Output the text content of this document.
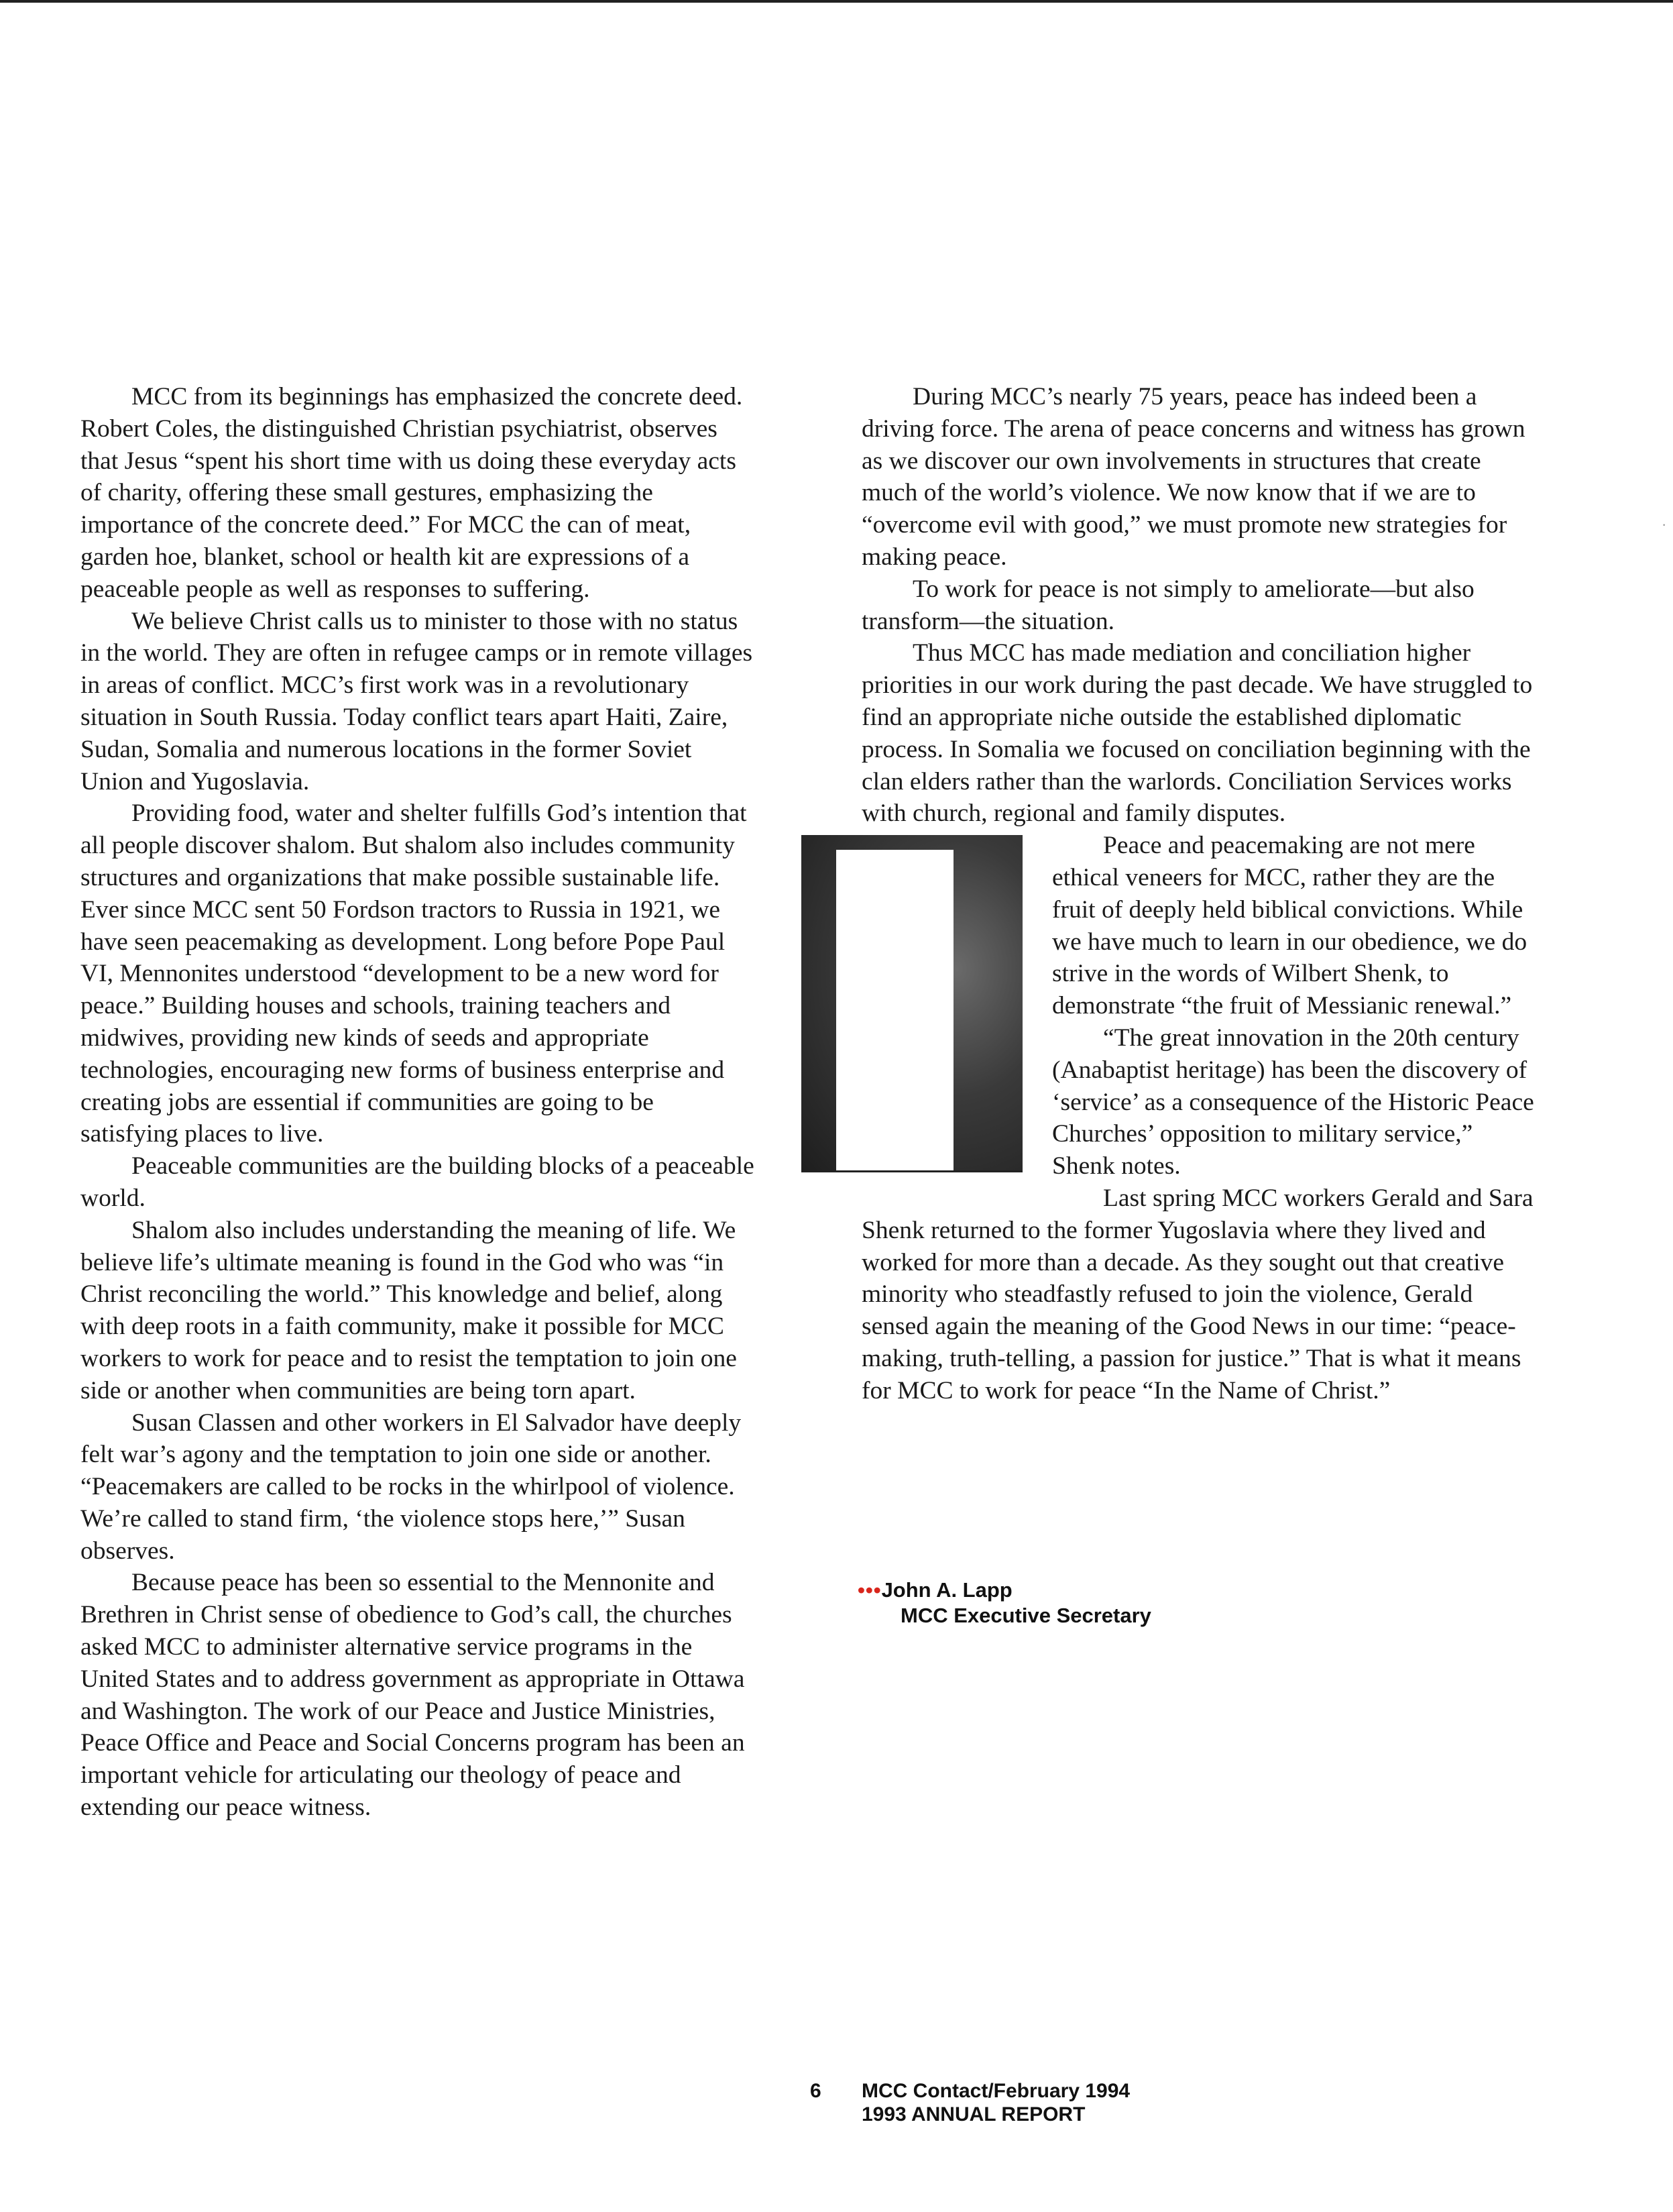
MCC from its beginnings has emphasized the concrete deed. Robert Coles, the distinguished Christian psychiatrist, observes that Jesus “spent his short time with us doing these everyday acts of charity, offering these small gestures, emphasizing the importance of the concrete deed.” For MCC the can of meat, garden hoe, blanket, school or health kit are expressions of a peaceable people as well as responses to suffering.

We believe Christ calls us to minister to those with no status in the world. They are often in refugee camps or in remote villages in areas of conflict. MCC’s first work was in a revolutionary situation in South Russia. Today conflict tears apart Haiti, Zaire, Sudan, Somalia and numerous locations in the former Soviet Union and Yugoslavia.

Providing food, water and shelter fulfills God’s intention that all people discover shalom. But shalom also includes community structures and organizations that make possible sustainable life. Ever since MCC sent 50 Fordson tractors to Russia in 1921, we have seen peacemaking as development. Long before Pope Paul VI, Mennonites understood “development to be a new word for peace.” Building houses and schools, training teachers and midwives, providing new kinds of seeds and appropriate technologies, encouraging new forms of business enterprise and creating jobs are essential if communities are going to be satisfying places to live.

Peaceable communities are the building blocks of a peaceable world.

Shalom also includes understanding the meaning of life. We believe life’s ultimate meaning is found in the God who was “in Christ reconciling the world.” This knowledge and belief, along with deep roots in a faith community, make it possible for MCC workers to work for peace and to resist the temptation to join one side or another when communities are being torn apart.

Susan Classen and other workers in El Salvador have deeply felt war’s agony and the temptation to join one side or another. “Peacemakers are called to be rocks in the whirlpool of violence. We’re called to stand firm, ‘the violence stops here,’” Susan observes.

Because peace has been so essential to the Mennonite and Brethren in Christ sense of obedience to God’s call, the churches asked MCC to administer alternative service programs in the United States and to address government as appropriate in Ottawa and Washington. The work of our Peace and Justice Ministries, Peace Office and Peace and Social Concerns program has been an important vehicle for articulating our theology of peace and extending our peace witness.

During MCC’s nearly 75 years, peace has indeed been a driving force. The arena of peace concerns and witness has grown as we discover our own involvements in structures that create much of the world’s violence. We now know that if we are to “overcome evil with good,” we must promote new strategies for making peace.

To work for peace is not simply to ameliorate—but also transform—the situation.

Thus MCC has made mediation and conciliation higher priorities in our work during the past decade. We have struggled to find an appropriate niche outside the established diplomatic process. In Somalia we focused on conciliation beginning with the clan elders rather than the warlords. Conciliation Services works with church, regional and family disputes.

Peace and peacemaking are not mere ethical veneers for MCC, rather they are the fruit of deeply held biblical convictions. While we have much to learn in our obedience, we do strive in the words of Wilbert Shenk, to demonstrate “the fruit of Messianic renewal.”

“The great innovation in the 20th century (Anabaptist heritage) has been the discovery of ‘service’ as a consequence of the Historic Peace Churches’ opposition to military service,” Shenk notes.

Last spring MCC workers Gerald and Sara Shenk returned to the former Yugoslavia where they lived and worked for more than a decade. As they sought out that creative minority who steadfastly refused to join the violence, Gerald sensed again the meaning of the Good News in our time: “peace-making, truth-telling, a passion for justice.” That is what it means for MCC to work for peace “In the Name of Christ.”

•••John A. Lapp
MCC Executive Secretary
6 MCC Contact/February 1994
1993 ANNUAL REPORT
·
